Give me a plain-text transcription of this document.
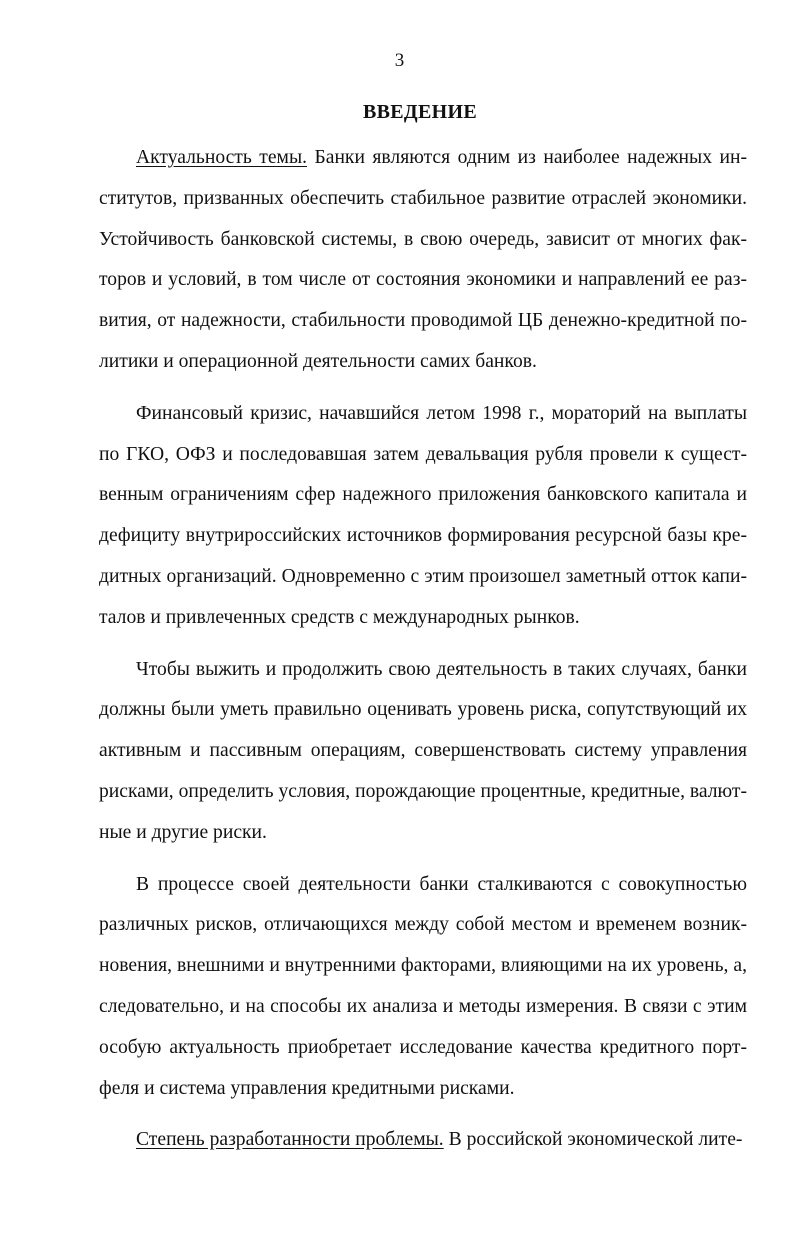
3
ВВЕДЕНИЕ

Актуальность темы. Банки являются одним из наиболее надежных институтов, призванных обеспечить стабильное развитие отраслей экономики. Устойчивость банковской системы, в свою очередь, зависит от многих факторов и условий, в том числе от состояния экономики и направлений ее развития, от надежности, стабильности проводимой ЦБ денежно-кредитной политики и операционной деятельности самих банков.

Финансовый кризис, начавшийся летом 1998 г., мораторий на выплаты по ГКО, ОФЗ и последовавшая затем девальвация рубля провели к существенным ограничениям сфер надежного приложения банковского капитала и дефициту внутрироссийских источников формирования ресурсной базы кредитных организаций. Одновременно с этим произошел заметный отток капиталов и привлеченных средств с международных рынков.

Чтобы выжить и продолжить свою деятельность в таких случаях, банки должны были уметь правильно оценивать уровень риска, сопутствующий их активным и пассивным операциям, совершенствовать систему управления рисками, определить условия, порождающие процентные, кредитные, валютные и другие риски.

В процессе своей деятельности банки сталкиваются с совокупностью различных рисков, отличающихся между собой местом и временем возникновения, внешними и внутренними факторами, влияющими на их уровень, а, следовательно, и на способы их анализа и методы измерения. В связи с этим особую актуальность приобретает исследование качества кредитного портфеля и система управления кредитными рисками.

Степень разработанности проблемы. В российской экономической лите-
